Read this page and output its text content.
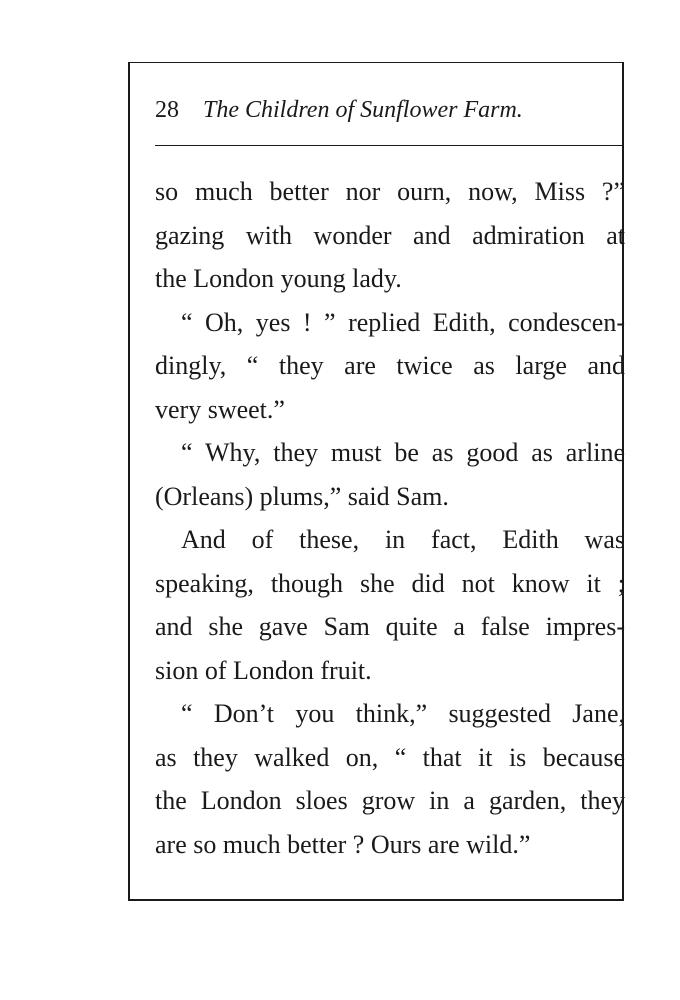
28 The Children of Sunflower Farm.
so much better nor ourn, now, Miss ?”
gazing with wonder and admiration at
the London young lady.
“ Oh, yes ! ” replied Edith, condescen-
dingly, “ they are twice as large and
very sweet.”
“ Why, they must be as good as arline
(Orleans) plums,” said Sam.
And of these, in fact, Edith was
speaking, though she did not know it ;
and she gave Sam quite a false impres-
sion of London fruit.
“ Don’t you think,” suggested Jane,
as they walked on, “ that it is because
the London sloes grow in a garden, they
are so much better ? Ours are wild.”
